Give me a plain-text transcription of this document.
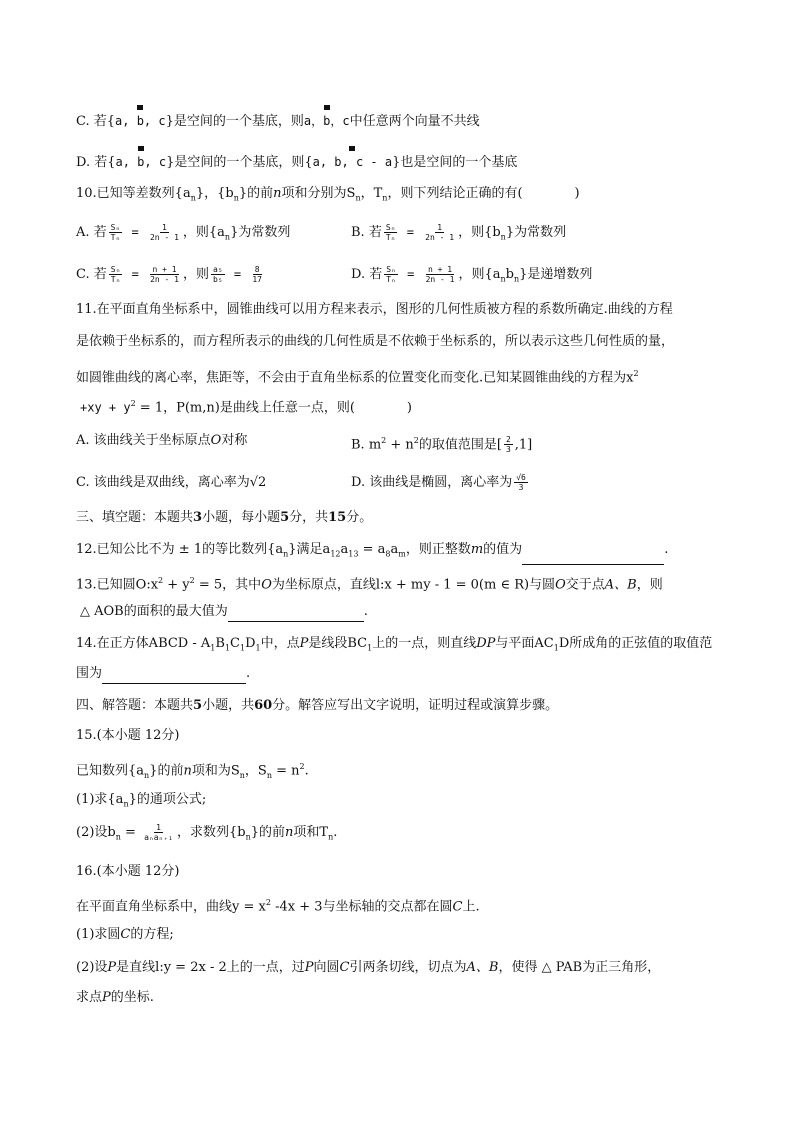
C. 若{a, b, c}是空间的一个基底，则a，b，c中任意两个向量不共线
D. 若{a, b, c}是空间的一个基底，则{a, b, c - a}也是空间的一个基底
10.已知等差数列$\{a_n\}$，$\{b_n\}$的前n项和分别为$S_n$，$T_n$，则下列结论正确的有(　　　　)
A. 若 $\frac{\text{Sₙ}}{\text{Tₙ}} = \frac{1}{2n - 1}$ ，则$\{a_n\}$为常数列	B. 若 $\frac{\text{Sₙ}}{\text{Tₙ}} = \frac{1}{2n - 1}$ ，则$\{b_n\}$为常数列
C. 若 $\frac{\text{Sₙ}}{\text{Tₙ}} = \frac{n + 1}{2n - 1}$ ，则 $\frac{\text{a₅}}{\text{b₅}} = \frac{8}{17}$	D. 若 $\frac{\text{Sₙ}}{\text{Tₙ}} = \frac{n + 1}{2n - 1}$ ，则$\{a_nb_n\}$是递增数列
11.在平面直角坐标系中，圆锥曲线可以用方程来表示，图形的几何性质被方程的系数所确定.曲线的方程
是依赖于坐标系的，而方程所表示的曲线的几何性质是不依赖于坐标系的，所以表示这些几何性质的量，
如圆锥曲线的离心率，焦距等，不会由于直角坐标系的位置变化而变化.已知某圆锥曲线的方程为$x^2$
$+xy + y^2 = 1$，P(m,n)是曲线上任意一点，则(　　　　)
A. 该曲线关于坐标原点O对称	B. $m^2 + n^2$的取值范围是[ $\frac{2}{3} ,1$]
C. 该曲线是双曲线，离心率为√2	D. 该曲线是椭圆，离心率为 $\frac{√6}{3}$
三、填空题：本题共3小题，每小题5分，共15分。
12.已知公比不为 ± 1的等比数列$\{a_n\}$满足$a_{12}a_{13} = a_8a_m$，则正整数m的值为	.
13.已知圆$O:x^2 + y^2 = 5$，其中O为坐标原点，直线l:x + my - 1 = 0(m ∈ R)与圆O交于点A、B，则
△ AOB的面积的最大值为	.
14.在正方体ABCD - $A_1B_1C_1D_1$中，点P是线段$BC_1$上的一点，则直线DP与平面$AC_1D$所成角的正弦值的取值范
围为	.
四、解答题：本题共5小题，共60分。解答应写出文字说明，证明过程或演算步骤。
15.(本小题 12分)
已知数列$\{a_n\}$的前n项和为$S_n$，$S_n = n^2$.
(1)求$\{a_n\}$的通项公式;
(2)设$b_n = \frac{1}{\text{aₙaₙ₊₁}}$ ，求数列$\{b_n\}$的前n项和$T_n$.
16.(本小题 12分)
在平面直角坐标系中，曲线$y = x^2$ -4x + 3与坐标轴的交点都在圆C上.
(1)求圆C的方程;
(2)设P是直线l:y = 2x - 2上的一点，过P向圆C引两条切线，切点为A、B，使得 △ PAB为正三角形，
求点P的坐标.
